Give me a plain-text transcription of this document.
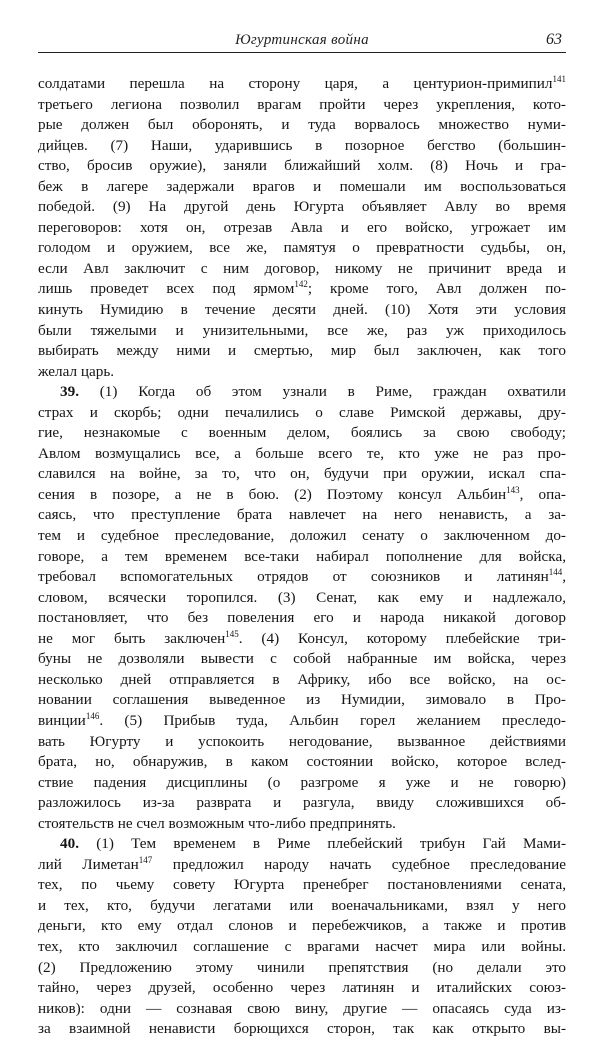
Югуртинская война	63
солдатами перешла на сторону царя, а центурион-примипил$^{141}$
третьего легиона позволил врагам пройти через укрепления, кото-
рые должен был оборонять, и туда ворвалось множество нуми-
дийцев. (7) Наши, ударившись в позорное бегство (большин-
ство, бросив оружие), заняли ближайший холм. (8) Ночь и гра-
беж в лагере задержали врагов и помешали им воспользоваться
победой. (9) На другой день Югурта объявляет Авлу во время
переговоров: хотя он, отрезав Авла и его войско, угрожает им
голодом и оружием, все же, памятуя о превратности судьбы, он,
если Авл заключит с ним договор, никому не причинит вреда и
лишь проведет всех под ярмом$^{142}$; кроме того, Авл должен по-
кинуть Нумидию в течение десяти дней. (10) Хотя эти условия
были тяжелыми и унизительными, все же, раз уж приходилось
выбирать между ними и смертью, мир был заключен, как того
желал царь.
39. (1) Когда об этом узнали в Риме, граждан охватили
страх и скорбь; одни печалились о славе Римской державы, дру-
гие, незнакомые с военным делом, боялись за свою свободу;
Авлом возмущались все, а больше всего те, кто уже не раз про-
славился на войне, за то, что он, будучи при оружии, искал спа-
сения в позоре, а не в бою. (2) Поэтому консул Альбин$^{143}$, опа-
саясь, что преступление брата навлечет на него ненависть, а за-
тем и судебное преследование, доложил сенату о заключенном до-
говоре, а тем временем все-таки набирал пополнение для войска,
требовал вспомогательных отрядов от союзников и латинян$^{144}$,
словом, всячески торопился. (3) Сенат, как ему и надлежало,
постановляет, что без повеления его и народа никакой договор
не мог быть заключен$^{145}$. (4) Консул, которому плебейские три-
буны не дозволяли вывести с собой набранные им войска, через
несколько дней отправляется в Африку, ибо все войско, на ос-
новании соглашения выведенное из Нумидии, зимовало в Про-
винции$^{146}$. (5) Прибыв туда, Альбин горел желанием преследо-
вать Югурту и успокоить негодование, вызванное действиями
брата, но, обнаружив, в каком состоянии войско, которое вслед-
ствие падения дисциплины (о разгроме я уже и не говорю)
разложилось из-за разврата и разгула, ввиду сложившихся об-
стоятельств не счел возможным что-либо предпринять.
40. (1) Тем временем в Риме плебейский трибун Гай Мами-
лий Лиметан$^{147}$ предложил народу начать судебное преследование
тех, по чьему совету Югурта пренебрег постановлениями сената,
и тех, кто, будучи легатами или военачальниками, взял у него
деньги, кто ему отдал слонов и перебежчиков, а также и против
тех, кто заключил соглашение с врагами насчет мира или войны.
(2) Предложению этому чинили препятствия (но делали это
тайно, через друзей, особенно через латинян и италийских союз-
ников): одни — сознавая свою вину, другие — опасаясь суда из-
за взаимной ненависти борющихся сторон, так как открыто вы-
